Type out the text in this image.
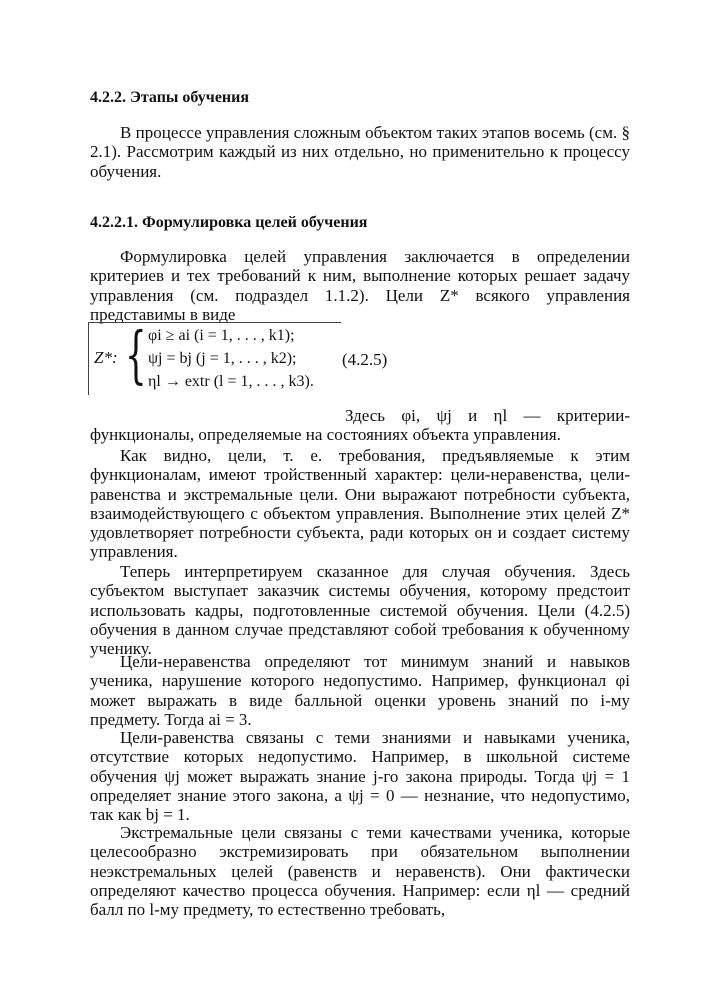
4.2.2. Этапы обучения

В процессе управления сложным объектом таких этапов восемь (см. § 2.1). Рассмотрим каждый из них отдельно, но применительно к процессу обучения.

4.2.2.1. Формулировка целей обучения

Формулировка целей управления заключается в определении критериев и тех требований к ним, выполнение которых решает задачу управления (см. подраздел 1.1.2). Цели Z* всякого управления представимы в виде

Z*: { φi ≥ ai (i = 1, . . . , k1);
ψj = bj (j = 1, . . . , k2);
ηl → extr (l = 1, . . . , k3).
(4.2.5)

Здесь φi, ψj и ηl — критерии-функционалы, определяемые на состояниях объекта управления.

Как видно, цели, т. е. требования, предъявляемые к этим функционалам, имеют тройственный характер: цели-неравенства, цели-равенства и экстремальные цели. Они выражают потребности субъекта, взаимодействующего с объектом управления. Выполнение этих целей Z* удовлетворяет потребности субъекта, ради которых он и создает систему управления.

Теперь интерпретируем сказанное для случая обучения. Здесь субъектом выступает заказчик системы обучения, которому предстоит использовать кадры, подготовленные системой обучения. Цели (4.2.5) обучения в данном случае представляют собой требования к обученному ученику.

Цели-неравенства определяют тот минимум знаний и навыков ученика, нарушение которого недопустимо. Например, функционал φi может выражать в виде балльной оценки уровень знаний по i-му предмету. Тогда ai = 3.

Цели-равенства связаны с теми знаниями и навыками ученика, отсутствие которых недопустимо. Например, в школьной системе обучения ψj может выражать знание j-го закона природы. Тогда ψj = 1 определяет знание этого закона, а ψj = 0 — незнание, что недопустимо, так как bj = 1.

Экстремальные цели связаны с теми качествами ученика, которые целесообразно экстремизировать при обязательном выполнении неэкстремальных целей (равенств и неравенств). Они фактически определяют качество процесса обучения. Например: если ηl — средний балл по l-му предмету, то естественно требовать,
